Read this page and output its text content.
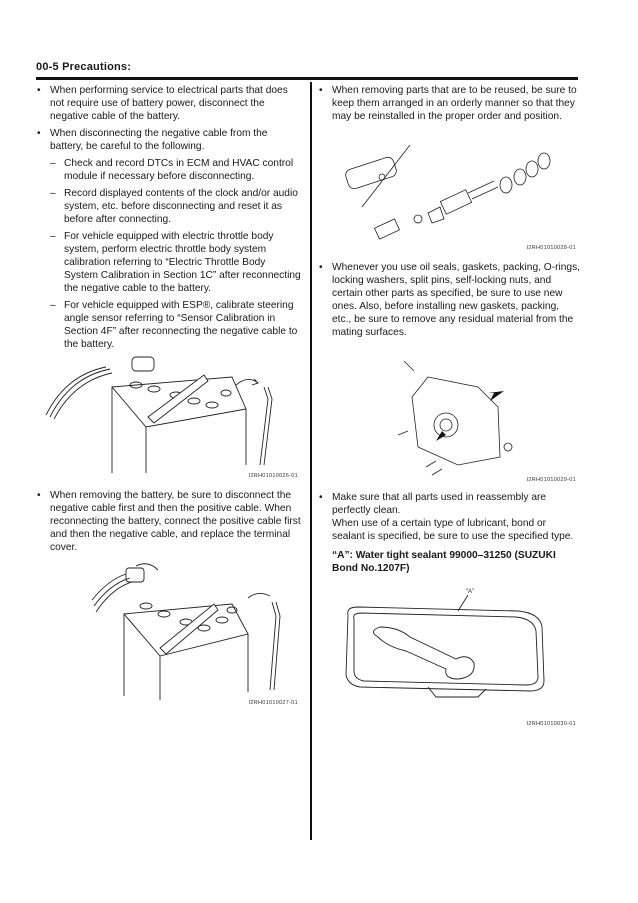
00-5 Precautions:
• When performing service to electrical parts that does not require use of battery power, disconnect the negative cable of the battery.
• When disconnecting the negative cable from the battery, be careful to the following.
– Check and record DTCs in ECM and HVAC control module if necessary before disconnecting.
– Record displayed contents of the clock and/or audio system, etc. before disconnecting and reset it as before after connecting.
– For vehicle equipped with electric throttle body system, perform electric throttle body system calibration referring to “Electric Throttle Body System Calibration in Section 1C” after reconnecting the negative cable to the battery.
– For vehicle equipped with ESP®, calibrate steering angle sensor referring to “Sensor Calibration in Section 4F” after reconnecting the negative cable to the battery.
I2RH01010026-01
• When removing the battery, be sure to disconnect the negative cable first and then the positive cable. When reconnecting the battery, connect the positive cable first and then the negative cable, and replace the terminal cover.
I2RH01010027-01
• When removing parts that are to be reused, be sure to keep them arranged in an orderly manner so that they may be reinstalled in the proper order and position.
I2RH01010028-01
• Whenever you use oil seals, gaskets, packing, O-rings, locking washers, split pins, self-locking nuts, and certain other parts as specified, be sure to use new ones. Also, before installing new gaskets, packing, etc., be sure to remove any residual material from the mating surfaces.
I2RH01010029-01
• Make sure that all parts used in reassembly are perfectly clean.
When use of a certain type of lubricant, bond or sealant is specified, be sure to use the specified type.
“A”: Water tight sealant 99000–31250 (SUZUKI Bond No.1207F)
“A”
I2RH01010030-01
